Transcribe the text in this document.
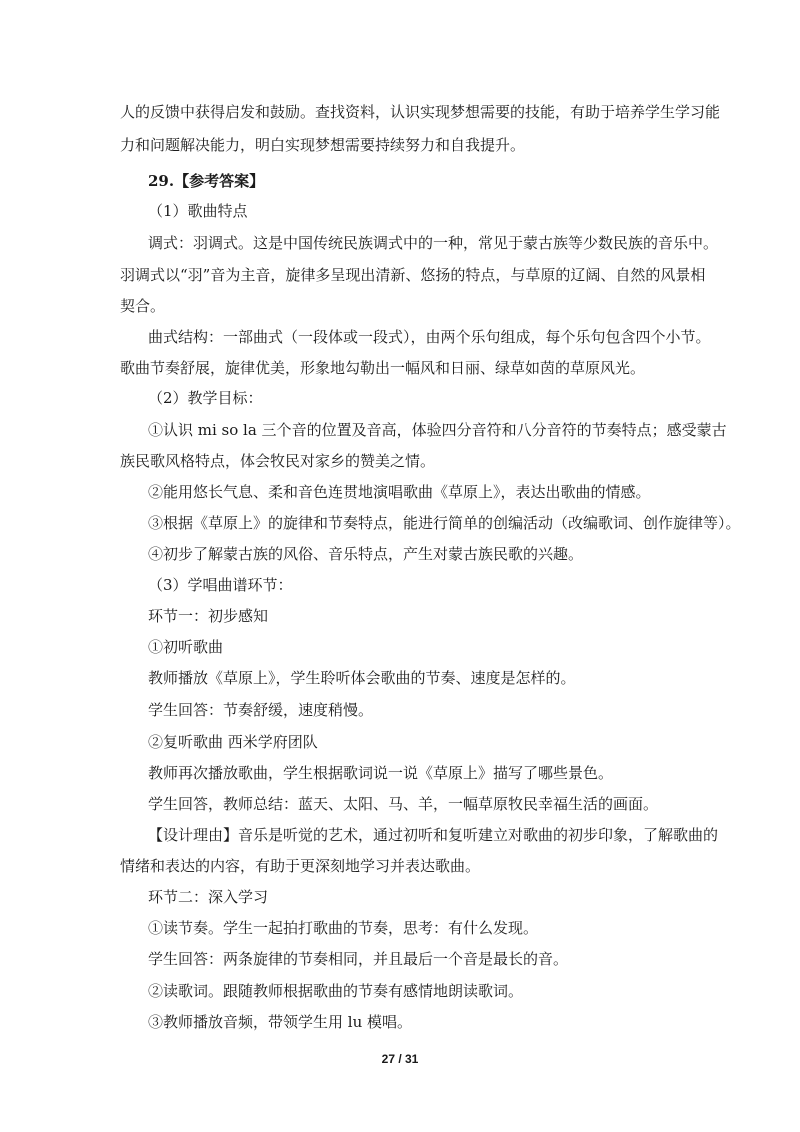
人的反馈中获得启发和鼓励。查找资料，认识实现梦想需要的技能，有助于培养学生学习能
力和问题解决能力，明白实现梦想需要持续努力和自我提升。
29.【参考答案】
（1）歌曲特点
调式：羽调式。这是中国传统民族调式中的一种，常见于蒙古族等少数民族的音乐中。
羽调式以“羽”音为主音，旋律多呈现出清新、悠扬的特点，与草原的辽阔、自然的风景相
契合。
曲式结构：一部曲式（一段体或一段式），由两个乐句组成，每个乐句包含四个小节。
歌曲节奏舒展，旋律优美，形象地勾勒出一幅风和日丽、绿草如茵的草原风光。
（2）教学目标：
①认识 mi so la 三个音的位置及音高，体验四分音符和八分音符的节奏特点；感受蒙古
族民歌风格特点，体会牧民对家乡的赞美之情。
②能用悠长气息、柔和音色连贯地演唱歌曲《草原上》，表达出歌曲的情感。
③根据《草原上》的旋律和节奏特点，能进行简单的创编活动（改编歌词、创作旋律等）。
④初步了解蒙古族的风俗、音乐特点，产生对蒙古族民歌的兴趣。
（3）学唱曲谱环节：
环节一：初步感知
①初听歌曲
教师播放《草原上》，学生聆听体会歌曲的节奏、速度是怎样的。
学生回答：节奏舒缓，速度稍慢。
②复听歌曲 西米学府团队
教师再次播放歌曲，学生根据歌词说一说《草原上》描写了哪些景色。
学生回答，教师总结：蓝天、太阳、马、羊，一幅草原牧民幸福生活的画面。
【设计理由】音乐是听觉的艺术，通过初听和复听建立对歌曲的初步印象，了解歌曲的
情绪和表达的内容，有助于更深刻地学习并表达歌曲。
环节二：深入学习
①读节奏。学生一起拍打歌曲的节奏，思考：有什么发现。
学生回答：两条旋律的节奏相同，并且最后一个音是最长的音。
②读歌词。跟随教师根据歌曲的节奏有感情地朗读歌词。
③教师播放音频，带领学生用 lu 模唱。
27 / 31
